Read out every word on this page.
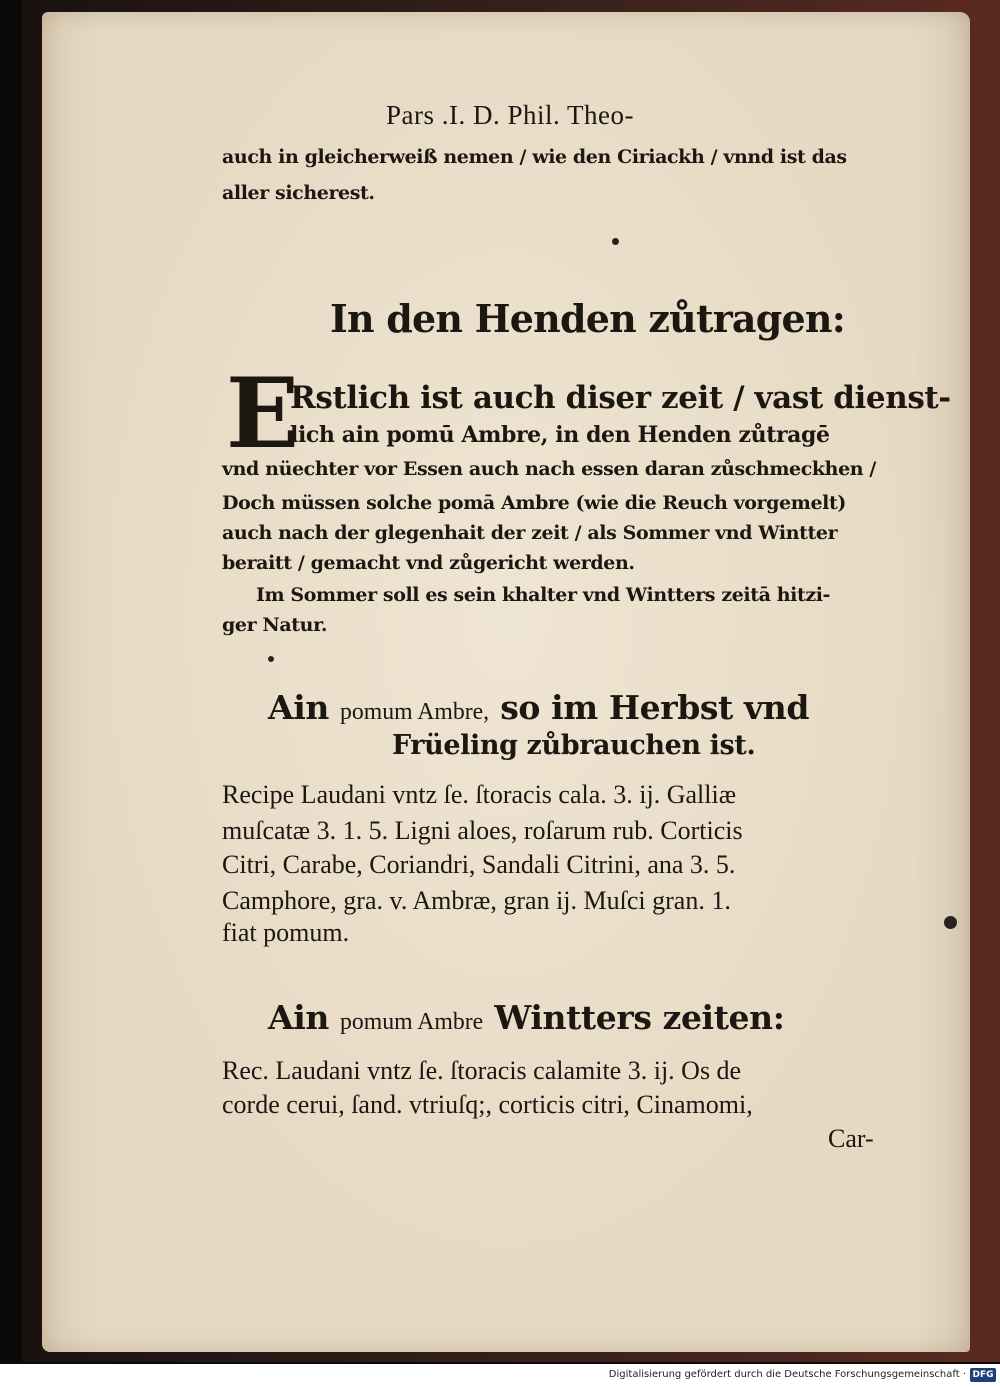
Pars .I. D. Phil. Theo-
auch in gleicherweiß nemen / wie den Ciriackh / vnnd ist das
aller sicherest.
In den Henden zůtragen:
E
Rstlich ist auch diser zeit / vast dienst-
lich ain pomū Ambre, in den Henden zůtragē
vnd nüechter vor Essen auch nach essen daran zůschmeckhen /
Doch müssen solche pomā Ambre (wie die Reuch vorgemelt)
auch nach der glegenhait der zeit / als Sommer vnd Wintter
beraitt / gemacht vnd zůgericht werden.
Im Sommer soll es sein khalter vnd Wintters zeitā hitzi-
ger Natur.
Ain pomum Ambre, so im Herbst vnd
Früeling zůbrauchen ist.
Recipe Laudani vntz ſe. ſtoracis cala. 3. ij. Galliæ
muſcatæ 3. 1. 5. Ligni aloes, roſarum rub. Corticis
Citri, Carabe, Coriandri, Sandali Citrini, ana 3. 5.
Camphore, gra. v. Ambræ, gran ij. Muſci gran. 1.
fiat pomum.
Ain pomum Ambre Wintters zeiten:
Rec. Laudani vntz ſe. ſtoracis calamite 3. ij. Os de
corde cerui, ſand. vtriuſq;, corticis citri, Cinamomi,
Car-
Digitalisierung gefördert durch die Deutsche Forschungsgemeinschaft · DFG
